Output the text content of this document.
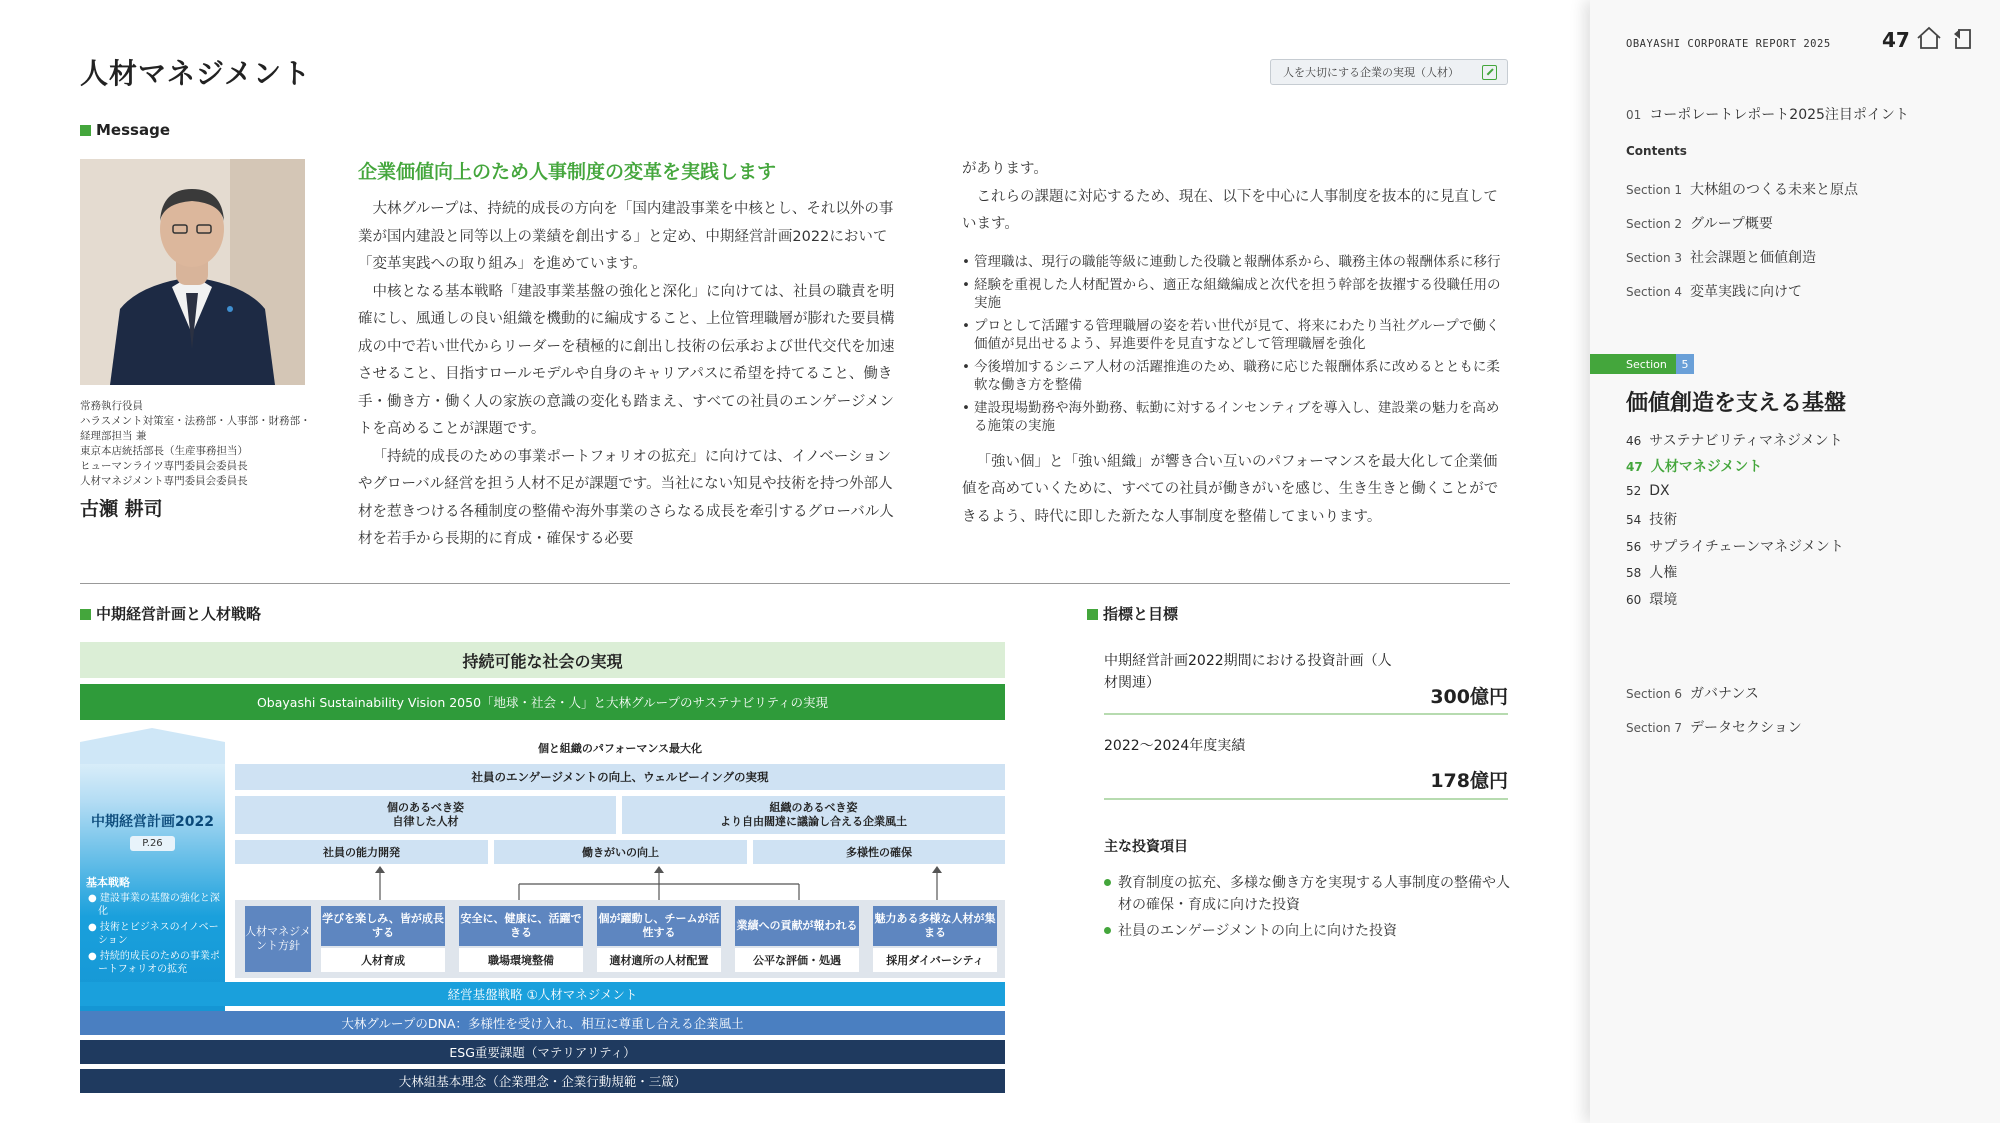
人材マネジメント	人を大切にする企業の実現（人材）
Message
常務執行役員
ハラスメント対策室・法務部・人事部・財務部・
経理部担当 兼
東京本店統括部長（生産事務担当）
ヒューマンライツ専門委員会委員長
人材マネジメント専門委員会委員長
古瀬 耕司
企業価値向上のため人事制度の変革を実践します

大林グループは、持続的成長の方向を「国内建設事業を中核とし、それ以外の事業が国内建設と同等以上の業績を創出する」と定め、中期経営計画2022において「変革実践への取り組み」を進めています。

中核となる基本戦略「建設事業基盤の強化と深化」に向けては、社員の職責を明確にし、風通しの良い組織を機動的に編成すること、上位管理職層が膨れた要員構成の中で若い世代からリーダーを積極的に創出し技術の伝承および世代交代を加速させること、目指すロールモデルや自身のキャリアパスに希望を持てること、働き手・働き方・働く人の家族の意識の変化も踏まえ、すべての社員のエンゲージメントを高めることが課題です。

「持続的成長のための事業ポートフォリオの拡充」に向けては、イノベーションやグローバル経営を担う人材不足が課題です。当社にない知見や技術を持つ外部人材を惹きつける各種制度の整備や海外事業のさらなる成長を牽引するグローバル人材を若手から長期的に育成・確保する必要

があります。
これらの課題に対応するため、現在、以下を中心に人事制度を抜本的に見直しています。
• 管理職は、現行の職能等級に連動した役職と報酬体系から、職務主体の報酬体系に移行
• 経験を重視した人材配置から、適正な組織編成と次代を担う幹部を抜擢する役職任用の実施
• プロとして活躍する管理職層の姿を若い世代が見て、将来にわたり当社グループで働く価値が見出せるよう、昇進要件を見直すなどして管理職層を強化
• 今後増加するシニア人材の活躍推進のため、職務に応じた報酬体系に改めるとともに柔軟な働き方を整備
• 建設現場勤務や海外勤務、転勤に対するインセンティブを導入し、建設業の魅力を高める施策の実施
「強い個」と「強い組織」が響き合い互いのパフォーマンスを最大化して企業価値を高めていくために、すべての社員が働きがいを感じ、生き生きと働くことができるよう、時代に即した新たな人事制度を整備してまいります。
中期経営計画と人材戦略
持続可能な社会の実現
Obayashi Sustainability Vision 2050「地球・社会・人」と大林グループのサステナビリティの実現
中期経営計画2022
P.26
基本戦略
● 建設事業の基盤の強化と深化
● 技術とビジネスのイノベーション
● 持続的成長のための事業ポートフォリオの拡充
個と組織のパフォーマンス最大化
社員のエンゲージメントの向上、ウェルビーイングの実現
個のあるべき姿
自律した人材
組織のあるべき姿
より自由闊達に議論し合える企業風土
社員の能力開発	働きがいの向上	多様性の確保
人材マネジメント方針
学びを楽しみ、皆が成長する
人材育成
安全に、健康に、活躍できる
職場環境整備
個が躍動し、チームが活性する
適材適所の人材配置
業績への貢献が報われる
公平な評価・処遇
魅力ある多様な人材が集まる
採用ダイバーシティ
経営基盤戦略 ①人材マネジメント
大林グループのDNA：多様性を受け入れ、相互に尊重し合える企業風土
ESG重要課題（マテリアリティ）
大林組基本理念（企業理念・企業行動規範・三箴）
指標と目標
中期経営計画2022期間における投資計画（人材関連）
300億円
2022～2024年度実績
178億円
主な投資項目
教育制度の拡充、多様な働き方を実現する人事制度の整備や人材の確保・育成に向けた投資
社員のエンゲージメントの向上に向けた投資
OBAYASHI CORPORATE REPORT 2025	47
01 コーポレートレポート2025注目ポイント
Contents
Section 1 大林組のつくる未来と原点
Section 2 グループ概要
Section 3 社会課題と価値創造
Section 4 変革実践に向けて
Section	5
価値創造を支える基盤
46 サステナビリティマネジメント
47 人材マネジメント
52 DX
54 技術
56 サプライチェーンマネジメント
58 人権
60 環境
Section 6 ガバナンス
Section 7 データセクション
